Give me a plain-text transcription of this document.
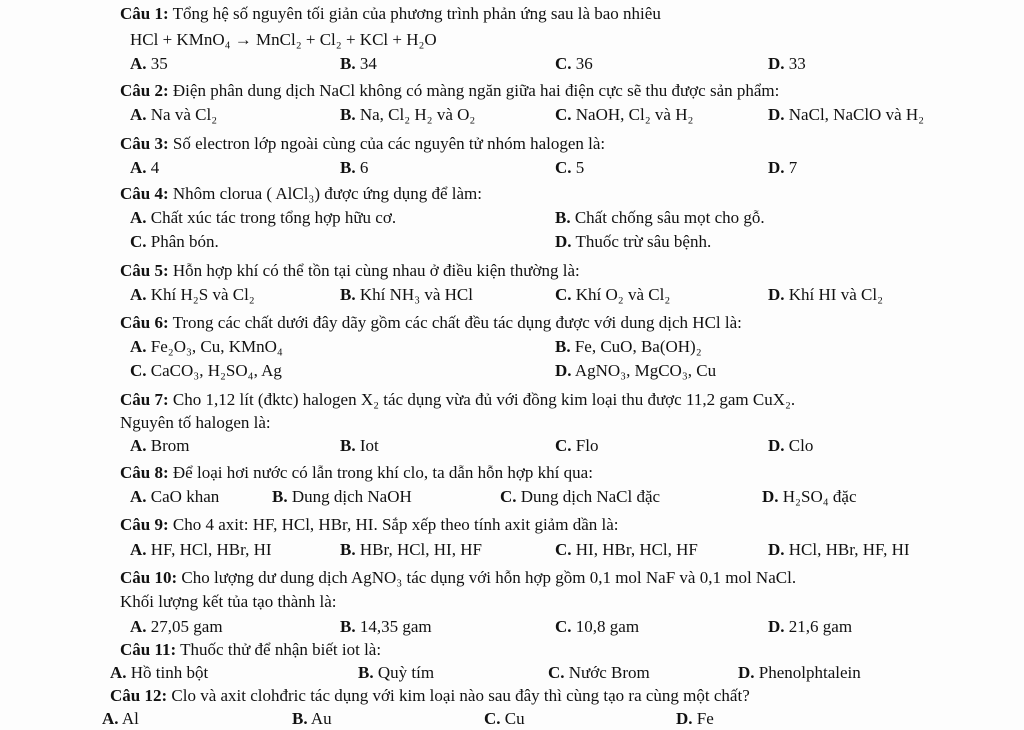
Câu 1: Tổng hệ số nguyên tối giản của phương trình phản ứng sau là bao nhiêu
HCl + KMnO₄ → MnCl₂ + Cl₂ + KCl + H₂O
A. 35	B. 34	C. 36	D. 33
Câu 2: Điện phân dung dịch NaCl không có màng ngăn giữa hai điện cực sẽ thu được sản phẩm:
A. Na và Cl₂	B. Na, Cl₂ H₂ và O₂	C. NaOH, Cl₂ và H₂	D. NaCl, NaClO và H₂
Câu 3: Số electron lớp ngoài cùng của các nguyên tử nhóm halogen là:
A. 4	B. 6	C. 5	D. 7
Câu 4: Nhôm clorua ( AlCl₃) được ứng dụng để làm:
A. Chất xúc tác trong tổng hợp hữu cơ.	B. Chất chống sâu mọt cho gỗ.
C. Phân bón.	D. Thuốc trừ sâu bệnh.
Câu 5: Hỗn hợp khí có thể tồn tại cùng nhau ở điều kiện thường là:
A. Khí H₂S và Cl₂	B. Khí NH₃ và HCl	C. Khí O₂ và Cl₂	D. Khí HI và Cl₂
Câu 6: Trong các chất dưới đây dãy gồm các chất đều tác dụng được với dung dịch HCl là:
A. Fe₂O₃, Cu, KMnO₄	B. Fe, CuO, Ba(OH)₂
C. CaCO₃, H₂SO₄, Ag	D. AgNO₃, MgCO₃, Cu
Câu 7: Cho 1,12 lít (đktc) halogen X₂ tác dụng vừa đủ với đồng kim loại thu được 11,2 gam CuX₂.
Nguyên tố halogen là:
A. Brom	B. Iot	C. Flo	D. Clo
Câu 8: Để loại hơi nước có lẫn trong khí clo, ta dẫn hỗn hợp khí qua:
A. CaO khan	B. Dung dịch NaOH	C. Dung dịch NaCl đặc	D. H₂SO₄ đặc
Câu 9: Cho 4 axit: HF, HCl, HBr, HI. Sắp xếp theo tính axit giảm dần là:
A. HF, HCl, HBr, HI	B. HBr, HCl, HI, HF	C. HI, HBr, HCl, HF	D. HCl, HBr, HF, HI
Câu 10: Cho lượng dư dung dịch AgNO₃ tác dụng với hỗn hợp gồm 0,1 mol NaF và 0,1 mol NaCl.
Khối lượng kết tủa tạo thành là:
A. 27,05 gam	B. 14,35 gam	C. 10,8 gam	D. 21,6 gam
Câu 11: Thuốc thử để nhận biết iot là:
A. Hồ tinh bột	B. Quỳ tím	C. Nước Brom	D. Phenolphtalein
Câu 12: Clo và axit clohđric tác dụng với kim loại nào sau đây thì cùng tạo ra cùng một chất?
A. Al	B. Au	C. Cu	D. Fe
